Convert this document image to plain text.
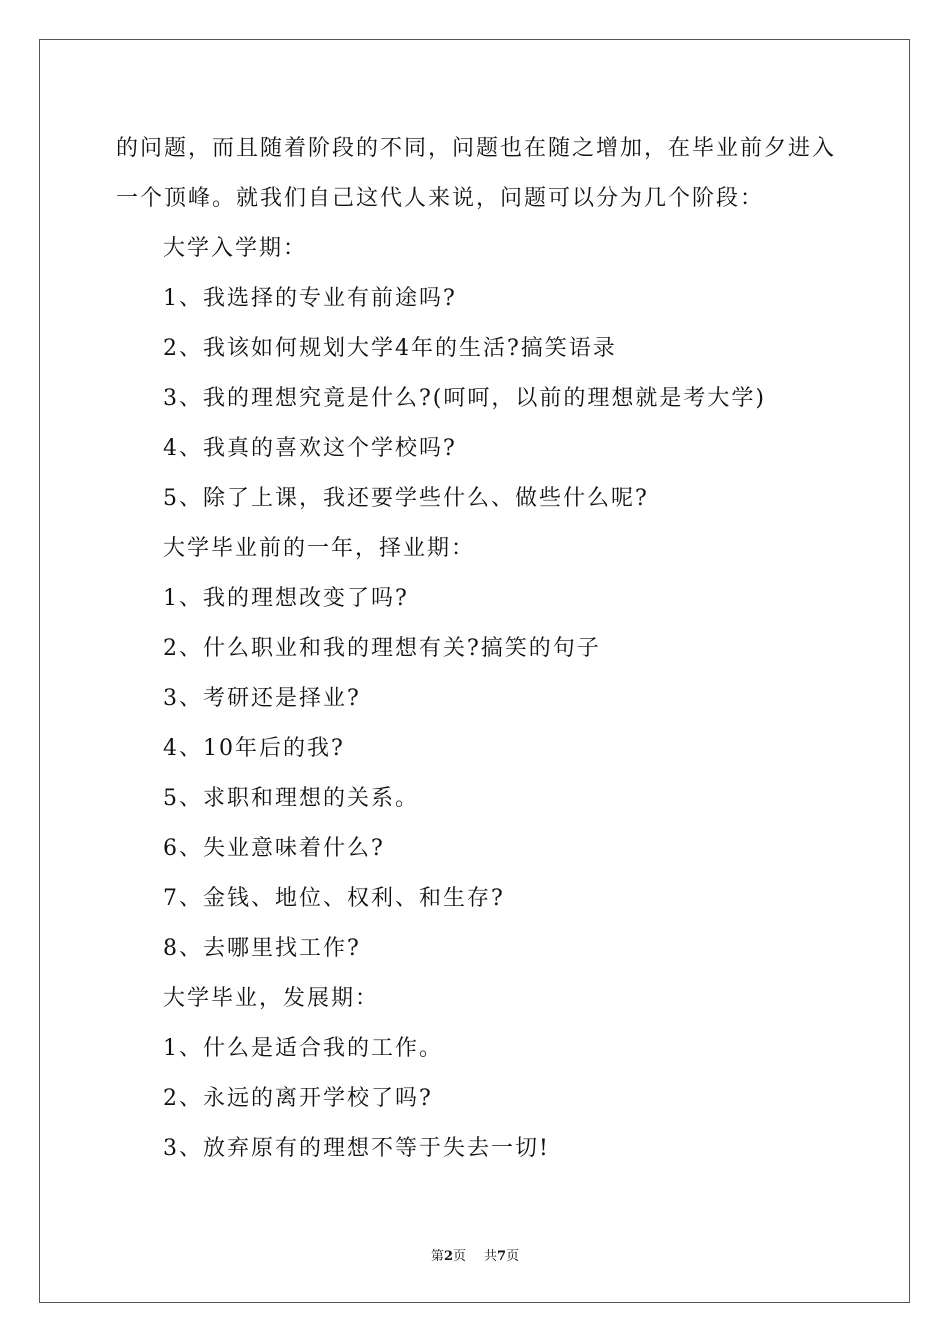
的问题，而且随着阶段的不同，问题也在随之增加，在毕业前夕进入
一个顶峰。就我们自己这代人来说，问题可以分为几个阶段：
大学入学期：
1、我选择的专业有前途吗?
2、我该如何规划大学4年的生活?搞笑语录
3、我的理想究竟是什么?(呵呵，以前的理想就是考大学)
4、我真的喜欢这个学校吗?
5、除了上课，我还要学些什么、做些什么呢?
大学毕业前的一年，择业期：
1、我的理想改变了吗?
2、什么职业和我的理想有关?搞笑的句子
3、考研还是择业?
4、10年后的我?
5、求职和理想的关系。
6、失业意味着什么?
7、金钱、地位、权利、和生存?
8、去哪里找工作?
大学毕业，发展期：
1、什么是适合我的工作。
2、永远的离开学校了吗?
3、放弃原有的理想不等于失去一切!
第2页 共7页
